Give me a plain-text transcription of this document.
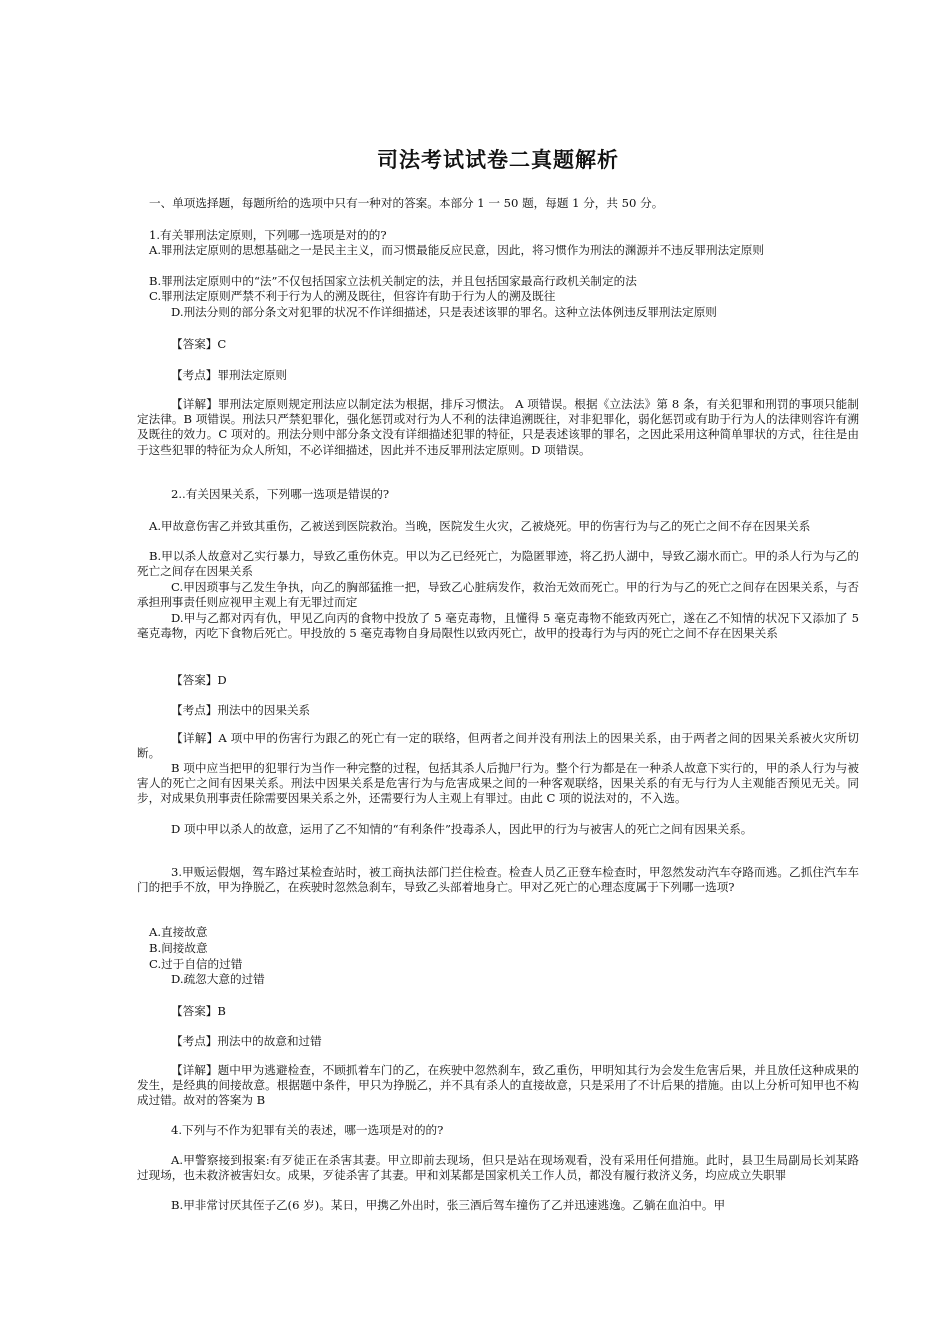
司法考试试卷二真题解析

一、单项选择题，每题所给的选项中只有一种对的答案。本部分 1 一 50 题，每题 1 分，共 50 分。

1.有关罪刑法定原则，下列哪一选项是对的的?

A.罪刑法定原则的思想基础之一是民主主义，而习惯最能反应民意，因此，将习惯作为刑法的渊源并不违反罪刑法定原则

B.罪刑法定原则中的“法”不仅包括国家立法机关制定的法，并且包括国家最高行政机关制定的法

C.罪刑法定原则严禁不利于行为人的溯及既往，但容许有助于行为人的溯及既往

D.刑法分则的部分条文对犯罪的状况不作详细描述，只是表述该罪的罪名。这种立法体例违反罪刑法定原则

【答案】C

【考点】罪刑法定原则

【详解】罪刑法定原则规定刑法应以制定法为根据，排斥习惯法。 A 项错误。根据《立法法》第 8 条，有关犯罪和刑罚的事项只能制定法律。B 项错误。刑法只严禁犯罪化，强化惩罚或对行为人不利的法律追溯既往，对非犯罪化，弱化惩罚或有助于行为人的法律则容许有溯及既往的效力。C 项对的。刑法分则中部分条文没有详细描述犯罪的特征，只是表述该罪的罪名，之因此采用这种简单罪状的方式，往往是由于这些犯罪的特征为众人所知，不必详细描述，因此并不违反罪刑法定原则。D 项错误。

2..有关因果关系，下列哪一选项是错误的?

A.甲故意伤害乙并致其重伤，乙被送到医院救治。当晚，医院发生火灾，乙被烧死。甲的伤害行为与乙的死亡之间不存在因果关系

B.甲以杀人故意对乙实行暴力，导致乙重伤休克。甲以为乙已经死亡，为隐匿罪迹，将乙扔人湖中，导致乙溺水而亡。甲的杀人行为与乙的死亡之间存在因果关系

C.甲因琐事与乙发生争执，向乙的胸部猛推一把，导致乙心脏病发作，救治无效而死亡。甲的行为与乙的死亡之间存在因果关系，与否承担刑事责任则应视甲主观上有无罪过而定

D.甲与乙都对丙有仇，甲见乙向丙的食物中投放了 5 毫克毒物，且懂得 5 毫克毒物不能致丙死亡，遂在乙不知情的状况下又添加了 5 毫克毒物，丙吃下食物后死亡。甲投放的 5 毫克毒物自身局限性以致丙死亡，故甲的投毒行为与丙的死亡之间不存在因果关系

【答案】D

【考点】刑法中的因果关系

【详解】A 项中甲的伤害行为跟乙的死亡有一定的联络，但两者之间并没有刑法上的因果关系，由于两者之间的因果关系被火灾所切断。

B 项中应当把甲的犯罪行为当作一种完整的过程，包括其杀人后抛尸行为。整个行为都是在一种杀人故意下实行的，甲的杀人行为与被害人的死亡之间有因果关系。刑法中因果关系是危害行为与危害成果之间的一种客观联络，因果关系的有无与行为人主观能否预见无关。同步，对成果负刑事责任除需要因果关系之外，还需要行为人主观上有罪过。由此 C 项的说法对的，不入选。

D 项中甲以杀人的故意，运用了乙不知情的“有利条件”投毒杀人，因此甲的行为与被害人的死亡之间有因果关系。

3.甲贩运假烟，驾车路过某检查站时，被工商执法部门拦住检查。检查人员乙正登车检查时，甲忽然发动汽车夺路而逃。乙抓住汽车车门的把手不放，甲为挣脱乙，在疾驶时忽然急刹车，导致乙头部着地身亡。甲对乙死亡的心理态度属于下列哪一选项?

A.直接故意

B.间接故意

C.过于自信的过错

D.疏忽大意的过错

【答案】B

【考点】刑法中的故意和过错

【详解】题中甲为逃避检查，不顾抓着车门的乙，在疾驶中忽然刹车，致乙重伤，甲明知其行为会发生危害后果，并且放任这种成果的发生，是经典的间接故意。根据题中条件，甲只为挣脱乙，并不具有杀人的直接故意，只是采用了不计后果的措施。由以上分析可知甲也不构成过错。故对的答案为 B

4.下列与不作为犯罪有关的表述，哪一选项是对的的?

A.甲警察接到报案:有歹徒正在杀害其妻。甲立即前去现场，但只是站在现场观看，没有采用任何措施。此时，县卫生局副局长刘某路过现场，也未救济被害妇女。成果，歹徒杀害了其妻。甲和刘某都是国家机关工作人员，都没有履行救济义务，均应成立失职罪

B.甲非常讨厌其侄子乙(6 岁)。某日，甲携乙外出时，张三酒后驾车撞伤了乙并迅速逃逸。乙躺在血泊中。甲
